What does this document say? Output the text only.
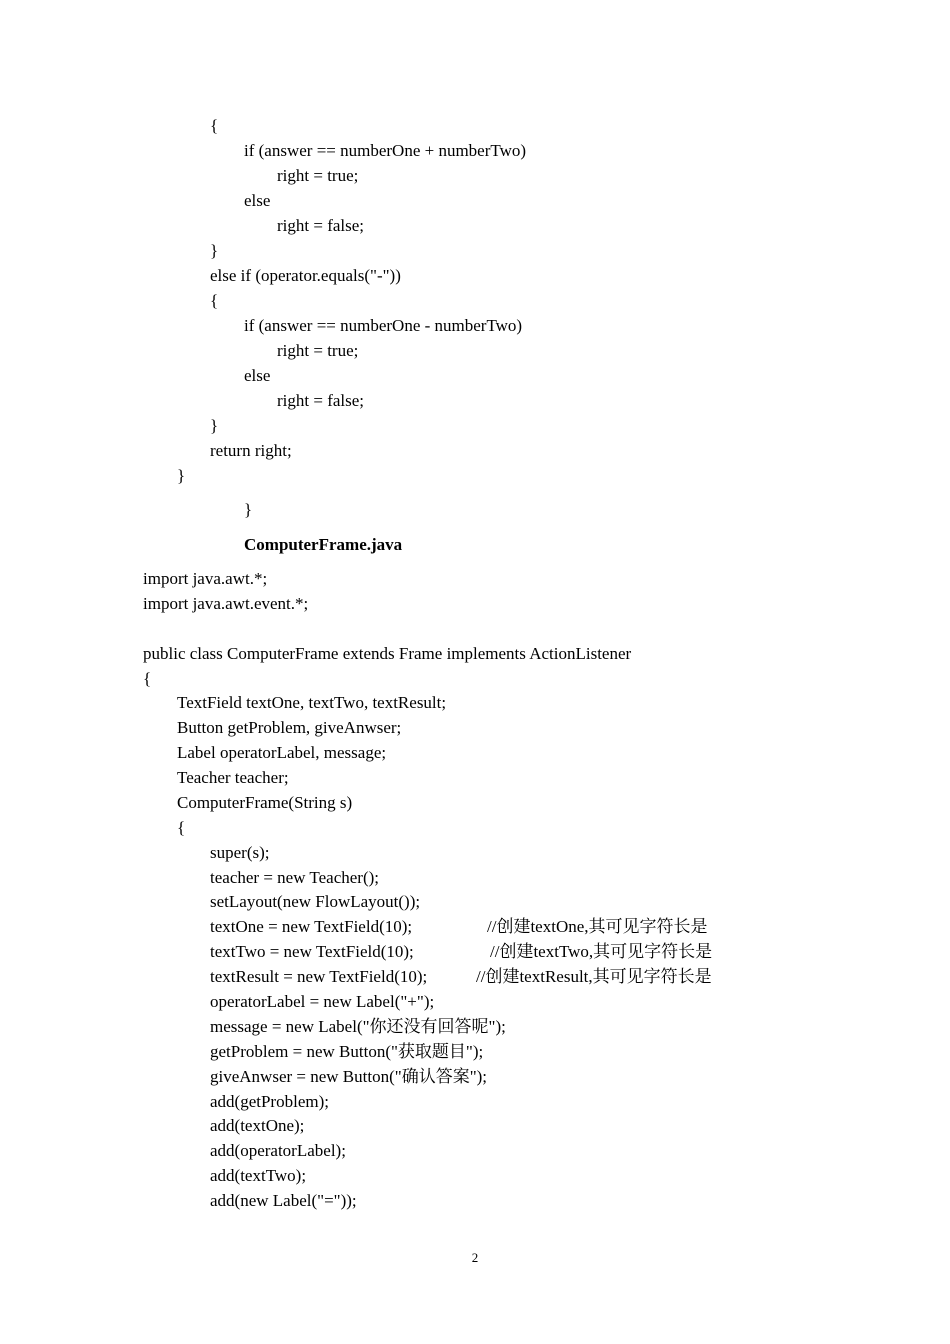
{
if (answer == numberOne + numberTwo)
right = true;
else
right = false;
}
else if (operator.equals("-"))
{
if (answer == numberOne - numberTwo)
right = true;
else
right = false;
}
return right;
}
}
ComputerFrame.java
import java.awt.*;
import java.awt.event.*;
public class ComputerFrame extends Frame implements ActionListener
{
TextField textOne, textTwo, textResult;
Button getProblem, giveAnwser;
Label operatorLabel, message;
Teacher teacher;
ComputerFrame(String s)
{
super(s);
teacher = new Teacher();
setLayout(new FlowLayout());
textOne = new TextField(10);	//创建textOne,其可见字符长是
textTwo = new TextField(10);	//创建textTwo,其可见字符长是
textResult = new TextField(10);	//创建textResult,其可见字符长是
operatorLabel = new Label("+");
message = new Label("你还没有回答呢");
getProblem = new Button("获取题目");
giveAnwser = new Button("确认答案");
add(getProblem);
add(textOne);
add(operatorLabel);
add(textTwo);
add(new Label("="));
2
